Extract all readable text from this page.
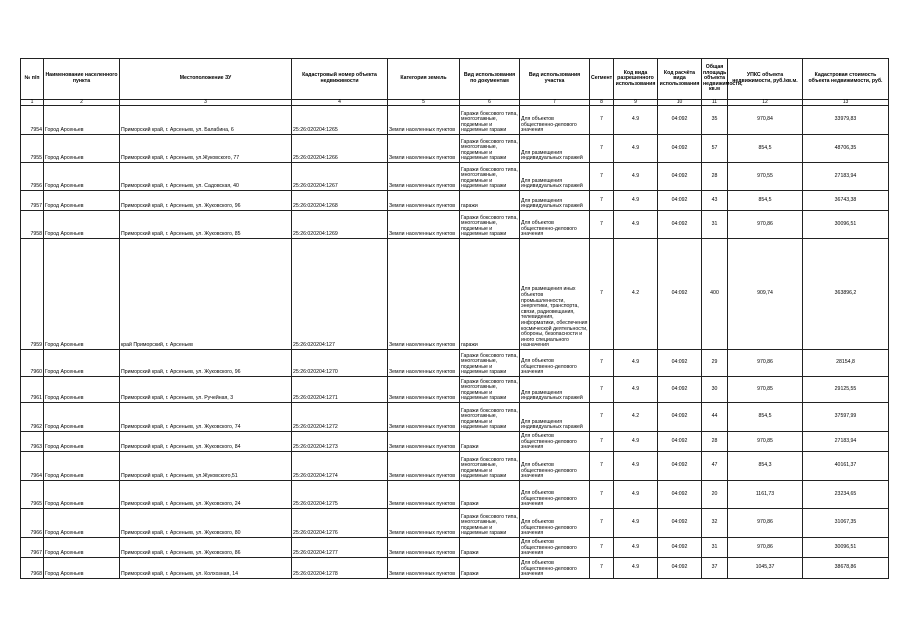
№ п/п	Наименование населенного пункта	Местоположение ЗУ	Кадастровый номер объекта недвижимости	Категория земель	Вид использования по документам	Вид использования участка	Сегмент	Код вида разрешенного использования	Код расчёта вида использования	Общая площадь объекта недвижимости, кв.м	УПКС объекта недвижимости, руб./кв.м.	Кадастровая стоимость объекта недвижимости, руб.
1	2	3	4	5	6	7	8	9	10	11	12	13
7954	Город Арсеньев	Приморский край, г. Арсеньев, ул. Балабина, 6	25:26:020204:1265	Земли населенных пунктов	Гаражи боксового типа, многоэтажные, подземные и надземные гаражи	Для объектов общественно-делового значения	7	4.9	04:092	35	970,84	33979,83
7955	Город Арсеньев	Приморский край, г. Арсеньев, ул.Жуковского, 77	25:26:020204:1266	Земли населенных пунктов	Гаражи боксового типа, многоэтажные, подземные и надземные гаражи	Для размещения индивидуальных гаражей	7	4.9	04:092	57	854,5	48706,35
7956	Город Арсеньев	Приморский край, г. Арсеньев, ул. Садовская, 40	25:26:020204:1267	Земли населенных пунктов	Гаражи боксового типа, многоэтажные, подземные и надземные гаражи	Для размещения индивидуальных гаражей	7	4.9	04:092	28	970,55	27183,94
7957	Город Арсеньев	Приморский край, г. Арсеньев, ул. Жуковского, 96	25:26:020204:1268	Земли населенных пунктов	гаражи	Для размещения индивидуальных гаражей	7	4.9	04:092	43	854,5	36743,38
7958	Город Арсеньев	Приморский край, г. Арсеньев, ул. Жуковского, 85	25:26:020204:1269	Земли населенных пунктов	Гаражи боксового типа, многоэтажные, подземные и надземные гаражи	Для объектов общественно-делового значения	7	4.9	04:092	31	970,86	30096,51
7959	Город Арсеньев	край Приморский, г. Арсеньев	25:26:020204:127	Земли населенных пунктов	гаражи	Для размещения иных объектов промышленности, энергетики, транспорта, связи, радиовещания, телевидения, информатики, обеспечения космической деятельности, обороны, безопасности и иного специального назначения	7	4.2	04:092	400	909,74	363896,2
7960	Город Арсеньев	Приморский край, г. Арсеньев, ул. Жуковского, 96	25:26:020204:1270	Земли населенных пунктов	Гаражи боксового типа, многоэтажные, подземные и надземные гаражи	Для объектов общественно-делового значения	7	4.9	04:092	29	970,86	28154,8
7961	Город Арсеньев	Приморский край, г. Арсеньев, ул. Ручейная, 3	25:26:020204:1271	Земли населенных пунктов	Гаражи боксового типа, многоэтажные, подземные и надземные гаражи	Для размещения индивидуальных гаражей	7	4.9	04:092	30	970,85	29125,55
7962	Город Арсеньев	Приморский край, г. Арсеньев, ул. Жуковского, 74	25:26:020204:1272	Земли населенных пунктов	Гаражи боксового типа, многоэтажные, подземные и надземные гаражи	Для размещения индивидуальных гаражей	7	4.2	04:092	44	854,5	37597,99
7963	Город Арсеньев	Приморский край, г. Арсеньев, ул. Жуковского, 84	25:26:020204:1273	Земли населенных пунктов	Гаражи	Для объектов общественно-делового значения	7	4.9	04:092	28	970,85	27183,94
7964	Город Арсеньев	Приморский край, г. Арсеньев, ул.Жуковского,51	25:26:020204:1274	Земли населенных пунктов	Гаражи боксового типа, многоэтажные, подземные и надземные гаражи	Для объектов общественно-делового значения	7	4.9	04:092	47	854,3	40161,37
7965	Город Арсеньев	Приморский край, г. Арсеньев, ул. Жуковского, 24	25:26:020204:1275	Земли населенных пунктов	Гаражи	Для объектов общественно-делового значения	7	4.9	04:092	20	1161,73	23234,65
7966	Город Арсеньев	Приморский край, г. Арсеньев, ул. Жуковского, 80	25:26:020204:1276	Земли населенных пунктов	Гаражи боксового типа, многоэтажные, подземные и надземные гаражи	Для объектов общественно-делового значения	7	4.9	04:092	32	970,86	31067,35
7967	Город Арсеньев	Приморский край, г. Арсеньев, ул. Жуковского, 86	25:26:020204:1277	Земли населенных пунктов	Гаражи	Для объектов общественно-делового значения	7	4.9	04:092	31	970,86	30096,51
7968	Город Арсеньев	Приморский край, г. Арсеньев, ул. Колхозная, 14	25:26:020204:1278	Земли населенных пунктов	Гаражи	Для объектов общественно-делового значения	7	4.9	04:092	37	1045,37	38678,86
